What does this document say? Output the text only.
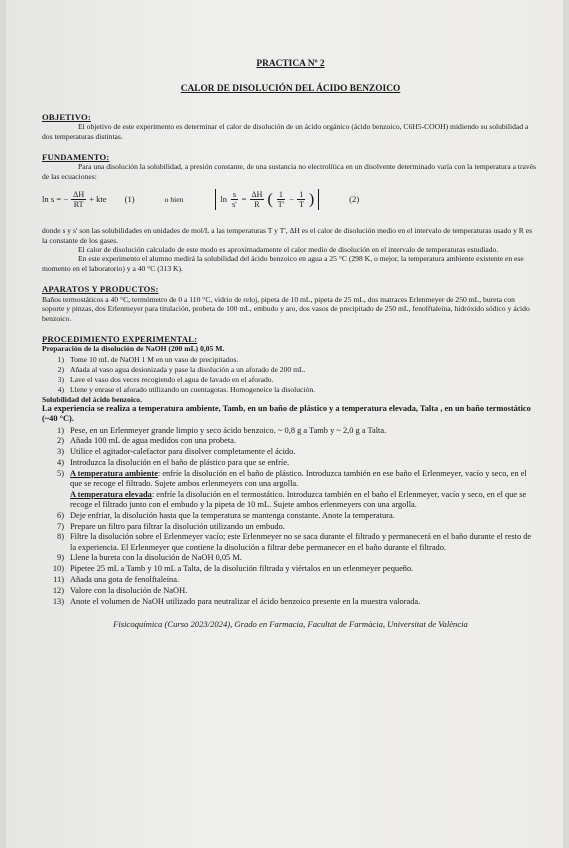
PRACTICA Nº 2
CALOR DE DISOLUCIÓN DEL ÁCIDO BENZOICO
OBJETIVO:

El objetivo de este experimento es determinar el calor de disolución de un ácido orgánico (ácido benzoico, C6H5-COOH) midiendo su solubilidad a dos temperaturas distintas.

FUNDAMENTO:

Para una disolución la solubilidad, a presión constante, de una sustancia no electrolítica en un disolvente determinado varía con la temperatura a través de las ecuaciones:

ln s = − $\frac{\Delta H}{RT}$ + kte (1)	o bien	$\ln \frac{s}{s'} = \frac{\Delta H}{R}$ ( $\frac{1}{T'} - \frac{1}{T}$ )	(2)

donde s y s' son las solubilidades en unidades de mol/L a las temperaturas T y T', ΔH es el calor de disolución medio en el intervalo de temperaturas usado y R es la constante de los gases.

El calor de disolución calculado de este modo es aproximadamente el calor medio de disolución en el intervalo de temperaturas estudiado.

En este experimento el alumno medirá la solubilidad del ácido benzoico en agua a 25 °C (298 K, o mejor, la temperatura ambiente existente en ese momento en el laboratorio) y a 40 °C (313 K).

APARATOS Y PRODUCTOS:

Baños termostáticos a 40 °C, termómetro de 0 a 110 °C, vidrio de reloj, pipeta de 10 mL, pipeta de 25 mL, dos matraces Erlenmeyer de 250 mL, bureta con soporte y pinzas, dos Erlenmeyer para titulación, probeta de 100 mL, embudo y aro, dos vasos de precipitado de 250 mL, fenolftaleína, hidróxido sódico y ácido benzoico.

PROCEDIMIENTO EXPERIMENTAL:

Preparación de la disolución de NaOH (200 mL) 0,05 M.

1) Tome 10 mL de NaOH 1 M en un vaso de precipitados.
2) Añada al vaso agua desionizada y pase la disolución a un aforado de 200 mL.
3) Lave el vaso dos veces recogiendo el agua de lavado en el aforado.
4) Llene y enrase el aforado utilizando un cuentagotas. Homogeneice la disolución.

Solubilidad del ácido benzoico.

La experiencia se realiza a temperatura ambiente, Tamb, en un baño de plástico y a temperatura elevada, Talta , en un baño termostático (~40 °C).

1) Pese, en un Erlenmeyer grande limpio y seco ácido benzoico. ~ 0,8 g a Tamb y ~ 2,0 g a Talta.
2) Añada 100 mL de agua medidos con una probeta.
3) Utilice el agitador-calefactor para disolver completamente el ácido.
4) Introduzca la disolución en el baño de plástico para que se enfríe.
5) A temperatura ambiente: enfríe la disolución en el baño de plástico. Introduzca también en ese baño el Erlenmeyer, vacío y seco, en el que se recoge el filtrado. Sujete ambos erlenmeyers con una argolla.
A temperatura elevada: enfríe la disolución en el termostático. Introduzca también en el baño el Erlenmeyer, vacío y seco, en el que se recoge el filtrado junto con el embudo y la pipeta de 10 mL. Sujete ambos erlenmeyers con una argolla.
6) Deje enfriar, la disolución hasta que la temperatura se mantenga constante. Anote la temperatura.
7) Prepare un filtro para filtrar la disolución utilizando un embudo.
8) Filtre la disolución sobre el Erlenmeyer vacío; este Erlenmeyer no se saca durante el filtrado y permanecerá en el baño durante el resto de la experiencia. El Erlenmeyer que contiene la disolución a filtrar debe permanecer en el baño durante el filtrado.
9) Llene la bureta con la disolución de NaOH 0,05 M.
10) Pipetee 25 mL a Tamb y 10 mL a Talta, de la disolución filtrada y viértalos en un erlenmeyer pequeño.
11) Añada una gota de fenolftaleína.
12) Valore con la disolución de NaOH.
13) Anote el volumen de NaOH utilizado para neutralizar el ácido benzoico presente en la muestra valorada.
Fisicoquímica (Curso 2023/2024), Grado en Farmacia, Facultat de Farmàcia, Universitat de València
